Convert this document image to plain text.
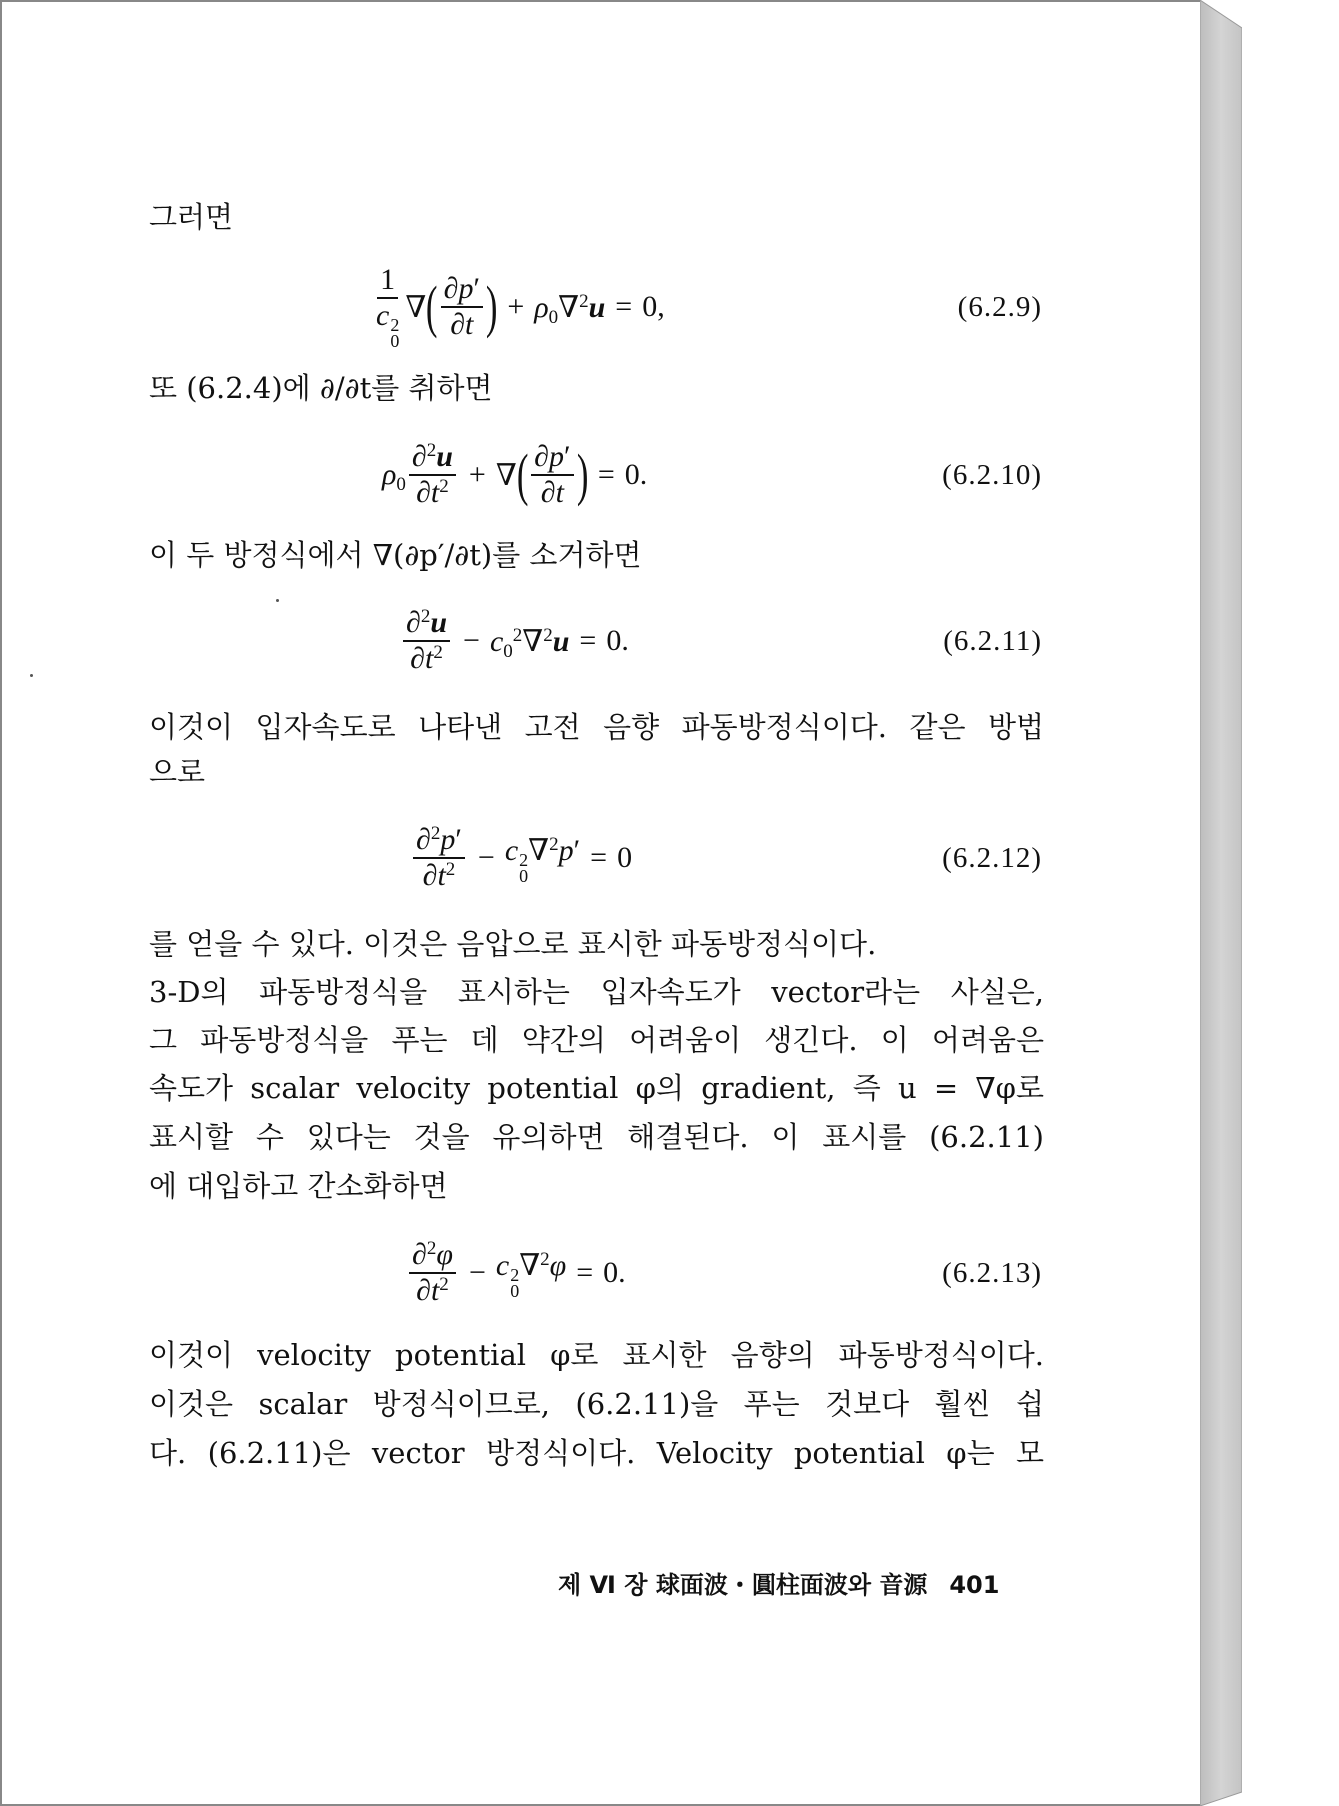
그러면
1
c 2
0 ∇ ( $\frac{\partial p'}{\partial t}$ ) + $\rho_0\nabla^2u = 0$,	(6.2.9)
또 (6.2.4)에 ∂/∂t를 취하면
$\rho_0 \frac{\partial^2u}{\partial t^2}$ + ∇ ( $\frac{\partial p'}{\partial t}$ ) = 0.	(6.2.10)
이 두 방정식에서 ∇(∂p′/∂t)를 소거하면
$\frac{\partial^2u}{\partial t^2} - c_0^2\nabla^2u = 0$.	(6.2.11)
이것이 입자속도로 나타낸 고전 음향 파동방정식이다. 같은 방법
으로
$\frac{\partial^2p'}{\partial t^2} - c$ 2
0
∇$^2$p′ = 0	(6.2.12)
를 얻을 수 있다. 이것은 음압으로 표시한 파동방정식이다.
3-D의 파동방정식을 표시하는 입자속도가 vector라는 사실은,
그 파동방정식을 푸는 데 약간의 어려움이 생긴다. 이 어려움은
속도가 scalar velocity potential φ의 gradient, 즉 u = ∇φ로
표시할 수 있다는 것을 유의하면 해결된다. 이 표시를 (6.2.11)
에 대입하고 간소화하면
$\frac{\partial^2\varphi}{\partial t^2} - c$ 2
0
∇$^2$φ = 0.	(6.2.13)
이것이 velocity potential φ로 표시한 음향의 파동방정식이다.
이것은 scalar 방정식이므로, (6.2.11)을 푸는 것보다 훨씬 쉽
다. (6.2.11)은 vector 방정식이다. Velocity potential φ는 모
제 Ⅵ 장 球面波・圓柱面波와 音源 401
